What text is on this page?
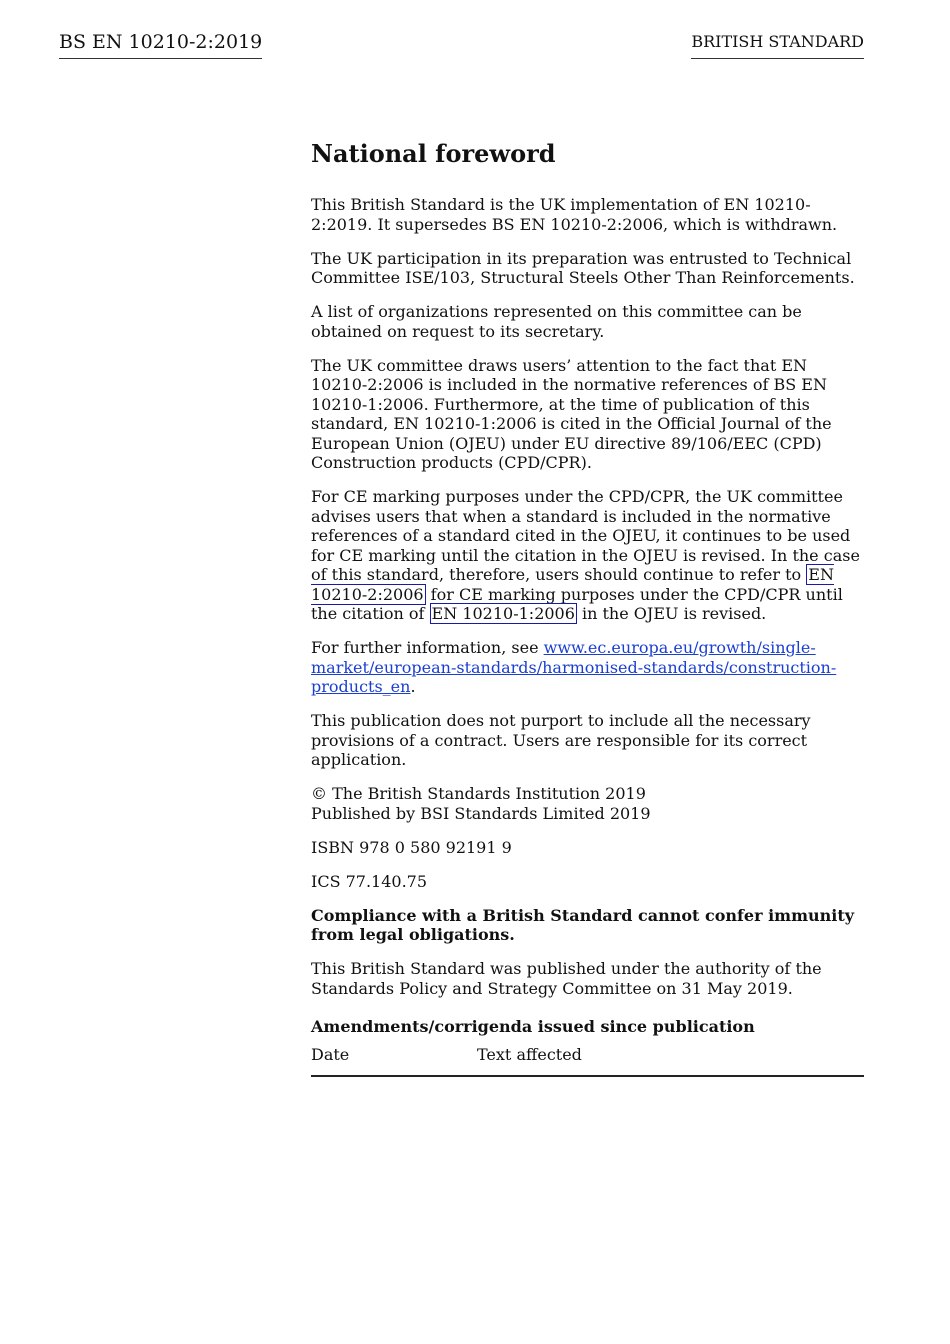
BS EN 10210-2:2019	BRITISH STANDARD
National foreword

This British Standard is the UK implementation of EN 10210-2:2019. It supersedes BS EN 10210-2:2006, which is withdrawn.

The UK participation in its preparation was entrusted to Technical Committee ISE/103, Structural Steels Other Than Reinforcements.

A list of organizations represented on this committee can be obtained on request to its secretary.

The UK committee draws users’ attention to the fact that EN 10210-2:2006 is included in the normative references of BS EN 10210-1:2006. Furthermore, at the time of publication of this standard, EN 10210-1:2006 is cited in the Official Journal of the European Union (OJEU) under EU directive 89/106/EEC (CPD) Construction products (CPD/CPR).

For CE marking purposes under the CPD/CPR, the UK committee advises users that when a standard is included in the normative references of a standard cited in the OJEU, it continues to be used for CE marking until the citation in the OJEU is revised. In the case of this standard, therefore, users should continue to refer to EN 10210-2:2006 for CE marking purposes under the CPD/CPR until the citation of EN 10210-1:2006 in the OJEU is revised.

For further information, see www.ec.europa.eu/growth/single-market/european-standards/harmonised-standards/construction-products_en.

This publication does not purport to include all the necessary provisions of a contract. Users are responsible for its correct application.

© The British Standards Institution 2019
Published by BSI Standards Limited 2019

ISBN 978 0 580 92191 9

ICS 77.140.75

Compliance with a British Standard cannot confer immunity from legal obligations.

This British Standard was published under the authority of the Standards Policy and Strategy Committee on 31 May 2019.

Amendments/corrigenda issued since publication
Date	Text affected
